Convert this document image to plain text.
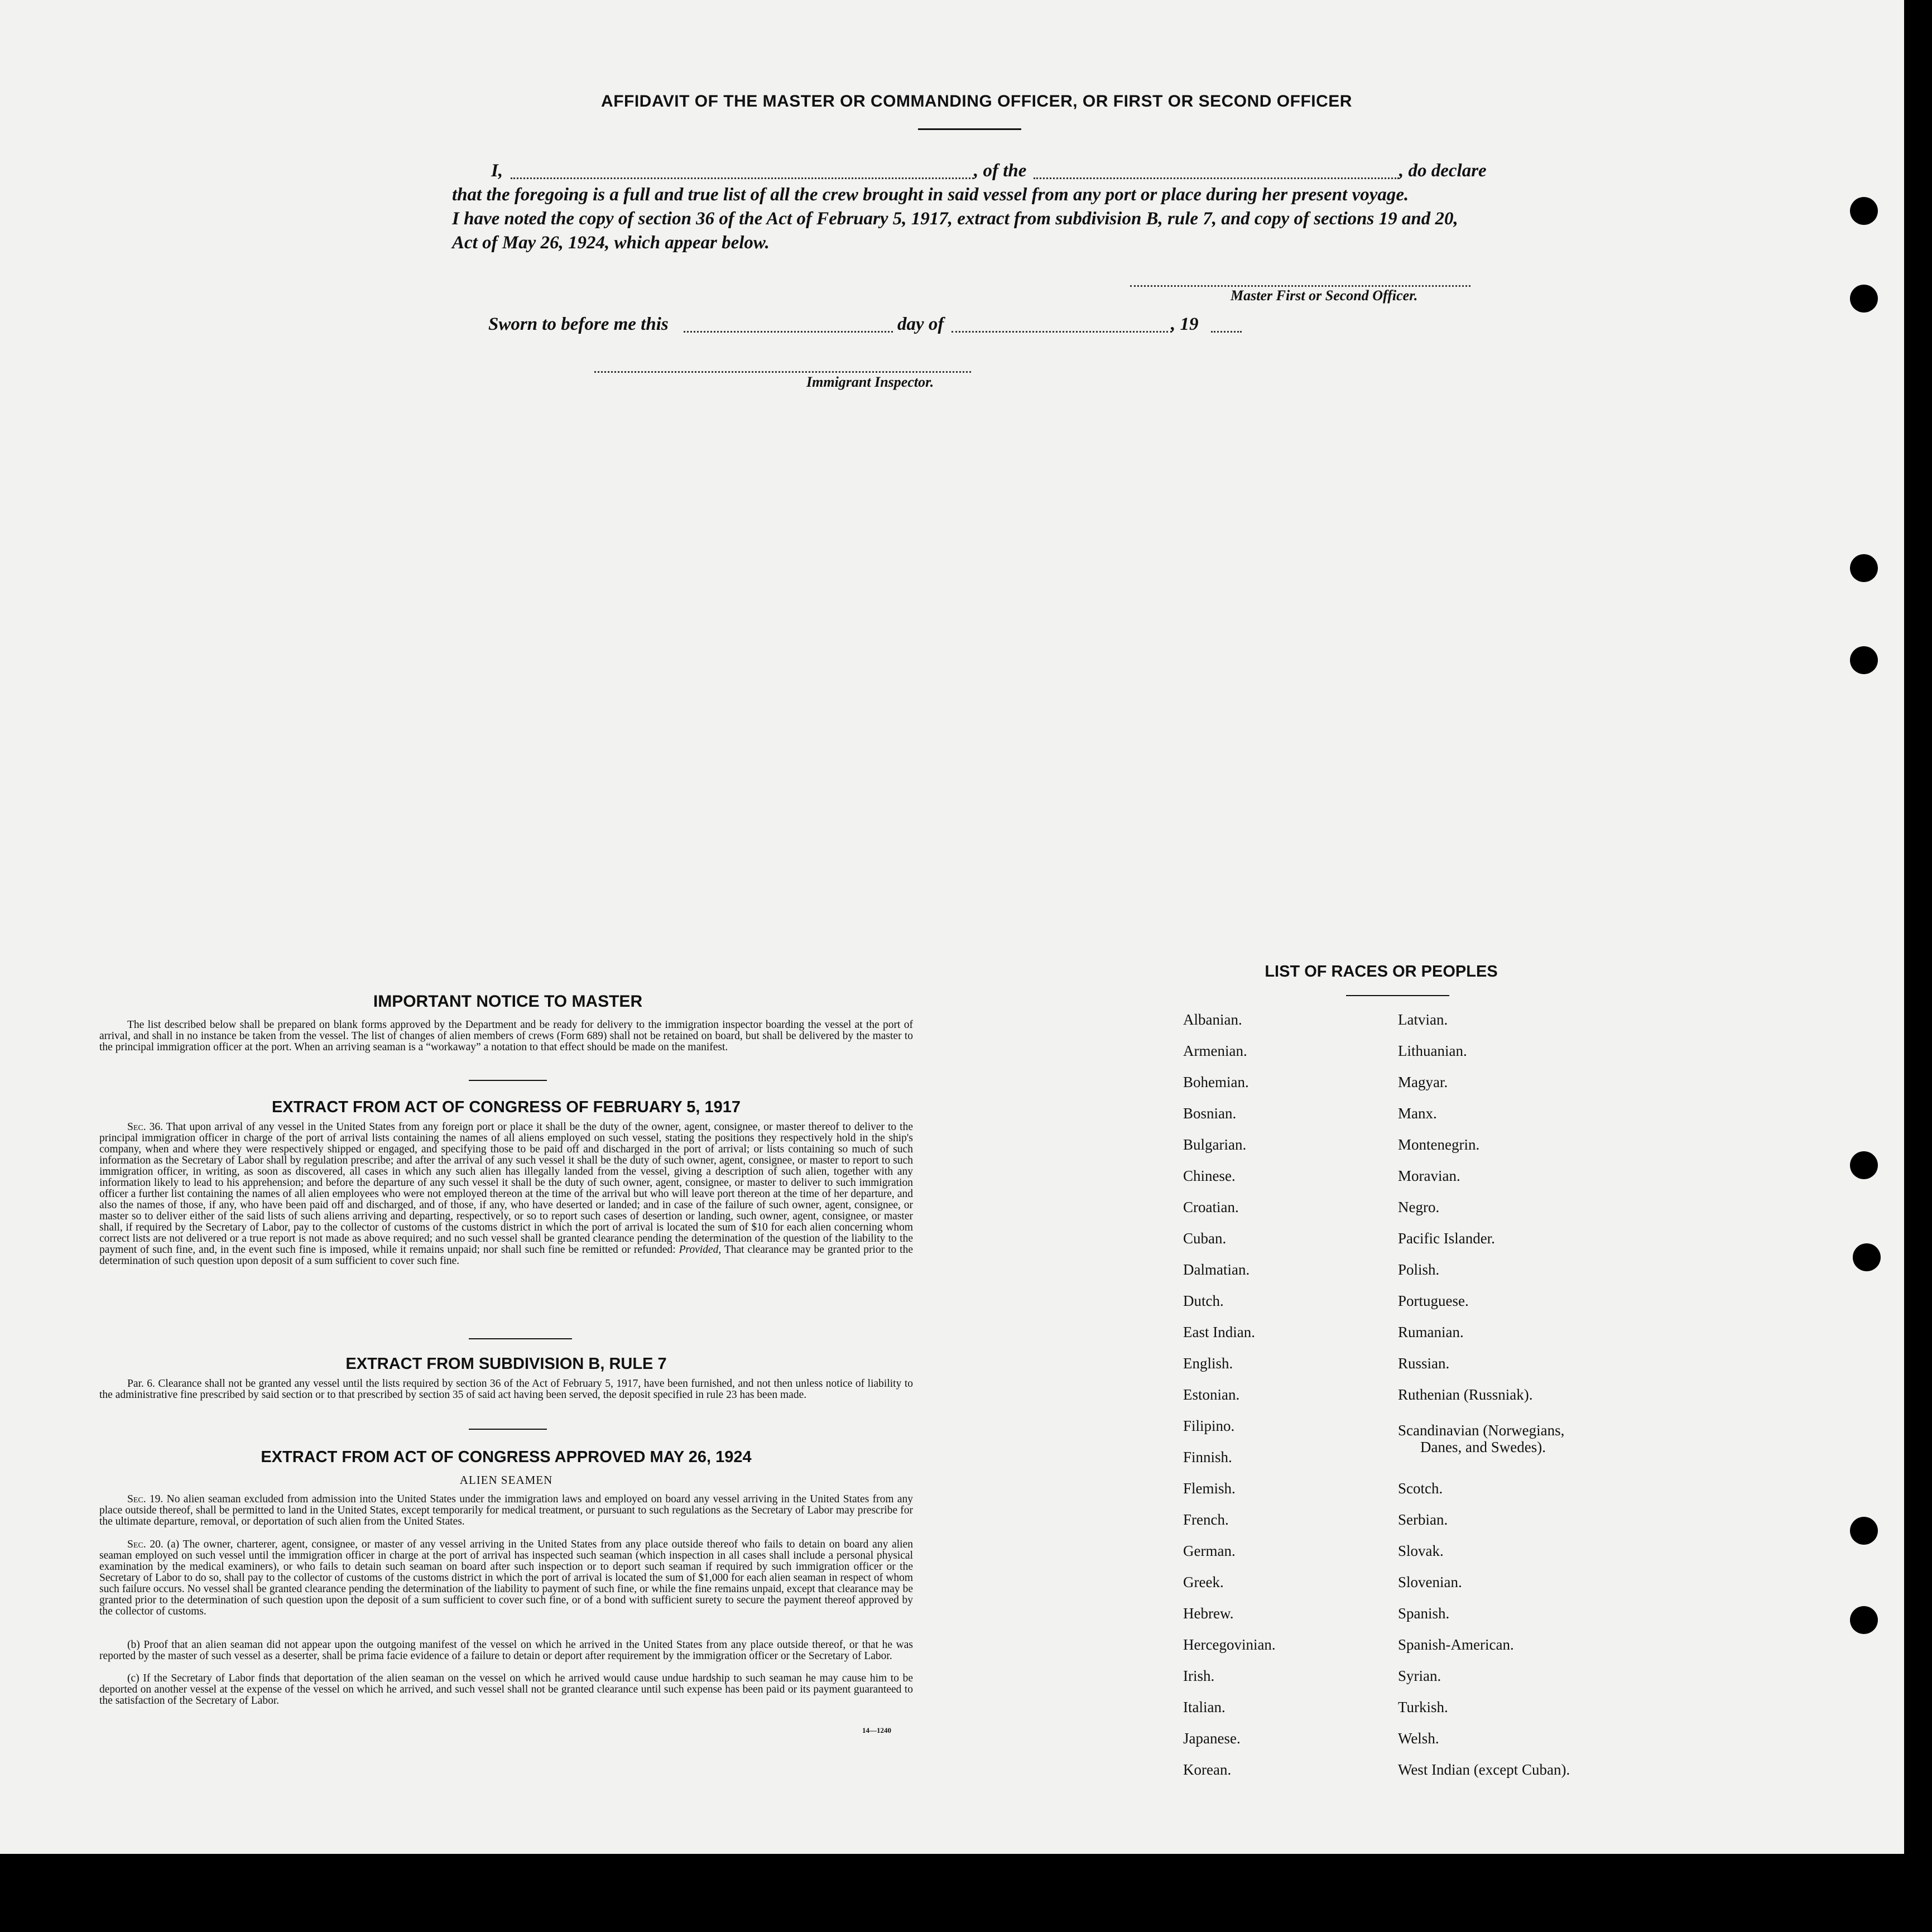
AFFIDAVIT OF THE MASTER OR COMMANDING OFFICER, OR FIRST OR SECOND OFFICER
I,	, of the	, do declare
that the foregoing is a full and true list of all the crew brought in said vessel from any port or place during her present voyage.
I have noted the copy of section 36 of the Act of February 5, 1917, extract from subdivision B, rule 7, and copy of sections 19 and 20,
Act of May 26, 1924, which appear below.
Master First or Second Officer.
Sworn to before me this	day of	, 19
Immigrant Inspector.
IMPORTANT NOTICE TO MASTER
The list described below shall be prepared on blank forms approved by the Department and be ready for delivery to the immigration inspector boarding the vessel at the port of arrival, and shall in no instance be taken from the vessel. The list of changes of alien members of crews (Form 689) shall not be retained on board, but shall be delivered by the master to the principal immigration officer at the port. When an arriving seaman is a “workaway” a notation to that effect should be made on the manifest.
EXTRACT FROM ACT OF CONGRESS OF FEBRUARY 5, 1917
Sec. 36. That upon arrival of any vessel in the United States from any foreign port or place it shall be the duty of the owner, agent, consignee, or master thereof to deliver to the principal immigration officer in charge of the port of arrival lists containing the names of all aliens employed on such vessel, stating the positions they respectively hold in the ship's company, when and where they were respectively shipped or engaged, and specifying those to be paid off and discharged in the port of arrival; or lists containing so much of such information as the Secretary of Labor shall by regulation prescribe; and after the arrival of any such vessel it shall be the duty of such owner, agent, consignee, or master to report to such immigration officer, in writing, as soon as discovered, all cases in which any such alien has illegally landed from the vessel, giving a description of such alien, together with any information likely to lead to his apprehension; and before the departure of any such vessel it shall be the duty of such owner, agent, consignee, or master to deliver to such immigration officer a further list containing the names of all alien employees who were not employed thereon at the time of the arrival but who will leave port thereon at the time of her departure, and also the names of those, if any, who have been paid off and discharged, and of those, if any, who have deserted or landed; and in case of the failure of such owner, agent, consignee, or master so to deliver either of the said lists of such aliens arriving and departing, respectively, or so to report such cases of desertion or landing, such owner, agent, consignee, or master shall, if required by the Secretary of Labor, pay to the collector of customs of the customs district in which the port of arrival is located the sum of $10 for each alien concerning whom correct lists are not delivered or a true report is not made as above required; and no such vessel shall be granted clearance pending the determination of the question of the liability to the payment of such fine, and, in the event such fine is imposed, while it remains unpaid; nor shall such fine be remitted or refunded: Provided, That clearance may be granted prior to the determination of such question upon deposit of a sum sufficient to cover such fine.
EXTRACT FROM SUBDIVISION B, RULE 7
Par. 6. Clearance shall not be granted any vessel until the lists required by section 36 of the Act of February 5, 1917, have been furnished, and not then unless notice of liability to the administrative fine prescribed by said section or to that prescribed by section 35 of said act having been served, the deposit specified in rule 23 has been made.
EXTRACT FROM ACT OF CONGRESS APPROVED MAY 26, 1924
ALIEN SEAMEN
Sec. 19. No alien seaman excluded from admission into the United States under the immigration laws and employed on board any vessel arriving in the United States from any place outside thereof, shall be permitted to land in the United States, except temporarily for medical treatment, or pursuant to such regulations as the Secretary of Labor may prescribe for the ultimate departure, removal, or deportation of such alien from the United States.
Sec. 20. (a) The owner, charterer, agent, consignee, or master of any vessel arriving in the United States from any place outside thereof who fails to detain on board any alien seaman employed on such vessel until the immigration officer in charge at the port of arrival has inspected such seaman (which inspection in all cases shall include a personal physical examination by the medical examiners), or who fails to detain such seaman on board after such inspection or to deport such seaman if required by such immigration officer or the Secretary of Labor to do so, shall pay to the collector of customs of the customs district in which the port of arrival is located the sum of $1,000 for each alien seaman in respect of whom such failure occurs. No vessel shall be granted clearance pending the determination of the liability to payment of such fine, or while the fine remains unpaid, except that clearance may be granted prior to the determination of such question upon the deposit of a sum sufficient to cover such fine, or of a bond with sufficient surety to secure the payment thereof approved by the collector of customs.
(b) Proof that an alien seaman did not appear upon the outgoing manifest of the vessel on which he arrived in the United States from any place outside thereof, or that he was reported by the master of such vessel as a deserter, shall be prima facie evidence of a failure to detain or deport after requirement by the immigration officer or the Secretary of Labor.
(c) If the Secretary of Labor finds that deportation of the alien seaman on the vessel on which he arrived would cause undue hardship to such seaman he may cause him to be deported on another vessel at the expense of the vessel on which he arrived, and such vessel shall not be granted clearance until such expense has been paid or its payment guaranteed to the satisfaction of the Secretary of Labor.
14—1240
LIST OF RACES OR PEOPLES
Albanian.
Armenian.
Bohemian.
Bosnian.
Bulgarian.
Chinese.
Croatian.
Cuban.
Dalmatian.
Dutch.
East Indian.
English.
Estonian.
Filipino.
Finnish.
Flemish.
French.
German.
Greek.
Hebrew.
Hercegovinian.
Irish.
Italian.
Japanese.
Korean.
Latvian.
Lithuanian.
Magyar.
Manx.
Montenegrin.
Moravian.
Negro.
Pacific Islander.
Polish.
Portuguese.
Rumanian.
Russian.
Ruthenian (Russniak).
Scandinavian (Norwegians,
Danes, and Swedes).
Scotch.
Serbian.
Slovak.
Slovenian.
Spanish.
Spanish-American.
Syrian.
Turkish.
Welsh.
West Indian (except Cuban).
